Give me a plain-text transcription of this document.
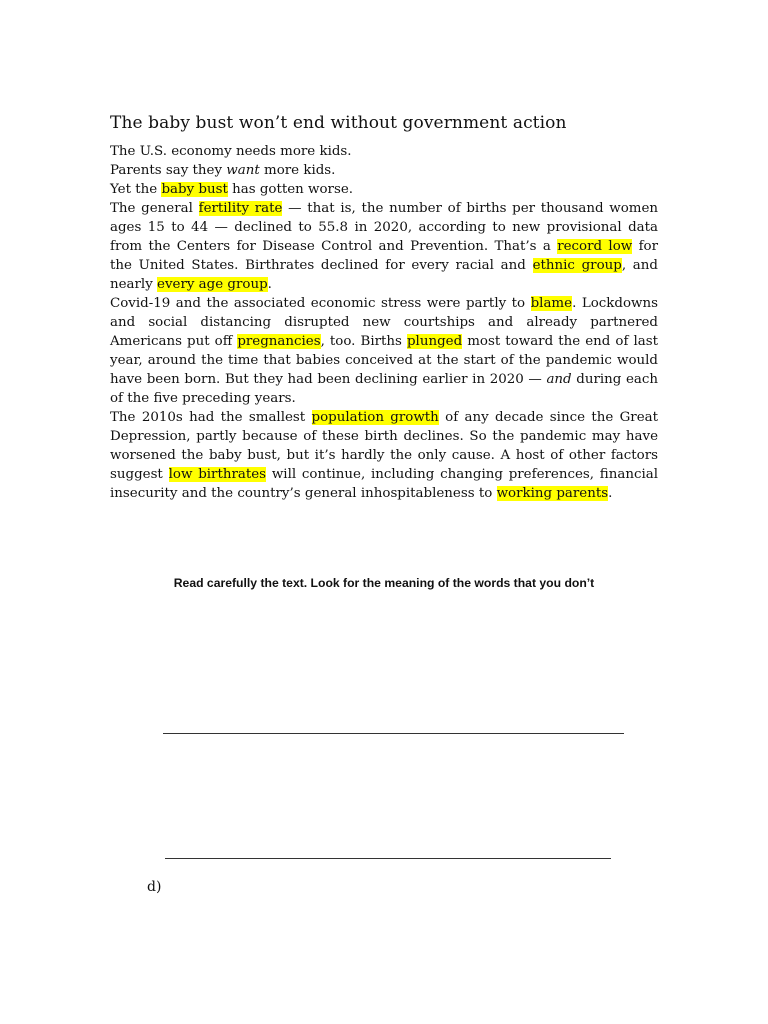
The baby bust won’t end without government action

The U.S. economy needs more kids.

Parents say they want more kids.

Yet the baby bust has gotten worse.

The general fertility rate — that is, the number of births per thousand women ages 15 to 44 — declined to 55.8 in 2020, according to new provisional data from the Centers for Disease Control and Prevention. That’s a record low for the United States. Birthrates declined for every racial and ethnic group, and nearly every age group.

Covid-19 and the associated economic stress were partly to blame. Lockdowns and social distancing disrupted new courtships and already partnered Americans put off pregnancies, too. Births plunged most toward the end of last year, around the time that babies conceived at the start of the pandemic would have been born. But they had been declining earlier in 2020 — and during each of the five preceding years.

The 2010s had the smallest population growth of any decade since the Great Depression, partly because of these birth declines. So the pandemic may have worsened the baby bust, but it’s hardly the only cause. A host of other factors suggest low birthrates will continue, including changing preferences, financial insecurity and the country’s general inhospitableness to working parents.

Read carefully the text. Look for the meaning of the words that you don’t
d)
